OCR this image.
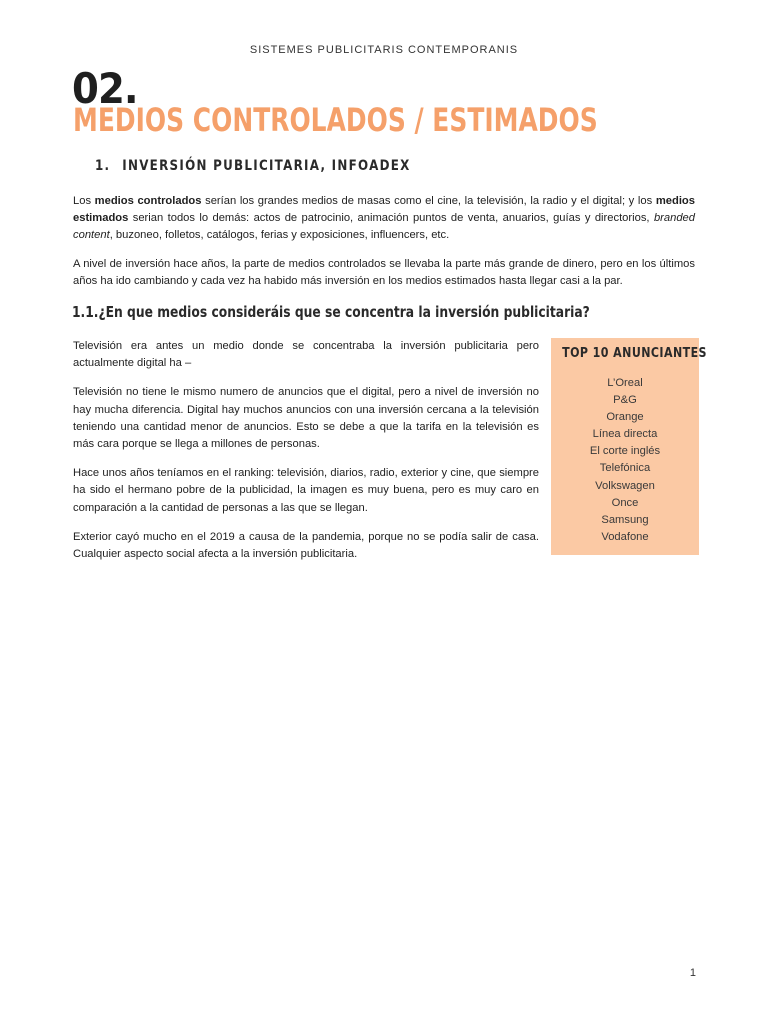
SISTEMES PUBLICITARIS CONTEMPORANIS
02.
MEDIOS CONTROLADOS / ESTIMADOS
1. INVERSIÓN PUBLICITARIA, INFOADEX
Los medios controlados serían los grandes medios de masas como el cine, la televisión, la radio y el digital; y los medios estimados serian todos lo demás: actos de patrocinio, animación puntos de venta, anuarios, guías y directorios, branded content, buzoneo, folletos, catálogos, ferias y exposiciones, influencers, etc.
A nivel de inversión hace años, la parte de medios controlados se llevaba la parte más grande de dinero, pero en los últimos años ha ido cambiando y cada vez ha habido más inversión en los medios estimados hasta llegar casi a la par.
1.1.¿En que medios consideráis que se concentra la inversión publicitaria?

Televisión era antes un medio donde se concentraba la inversión publicitaria pero actualmente digital ha –

Televisión no tiene le mismo numero de anuncios que el digital, pero a nivel de inversión no hay mucha diferencia. Digital hay muchos anuncios con una inversión cercana a la televisión teniendo una cantidad menor de anuncios. Esto se debe a que la tarifa en la televisión es más cara porque se llega a millones de personas.

Hace unos años teníamos en el ranking: televisión, diarios, radio, exterior y cine, que siempre ha sido el hermano pobre de la publicidad, la imagen es muy buena, pero es muy caro en comparación a la cantidad de personas a las que se llegan.

Exterior cayó mucho en el 2019 a causa de la pandemia, porque no se podía salir de casa. Cualquier aspecto social afecta a la inversión publicitaria.

TOP 10 ANUNCIANTES
L’Oreal
P&G
Orange
Línea directa
El corte inglés
Telefónica
Volkswagen
Once
Samsung
Vodafone
1
